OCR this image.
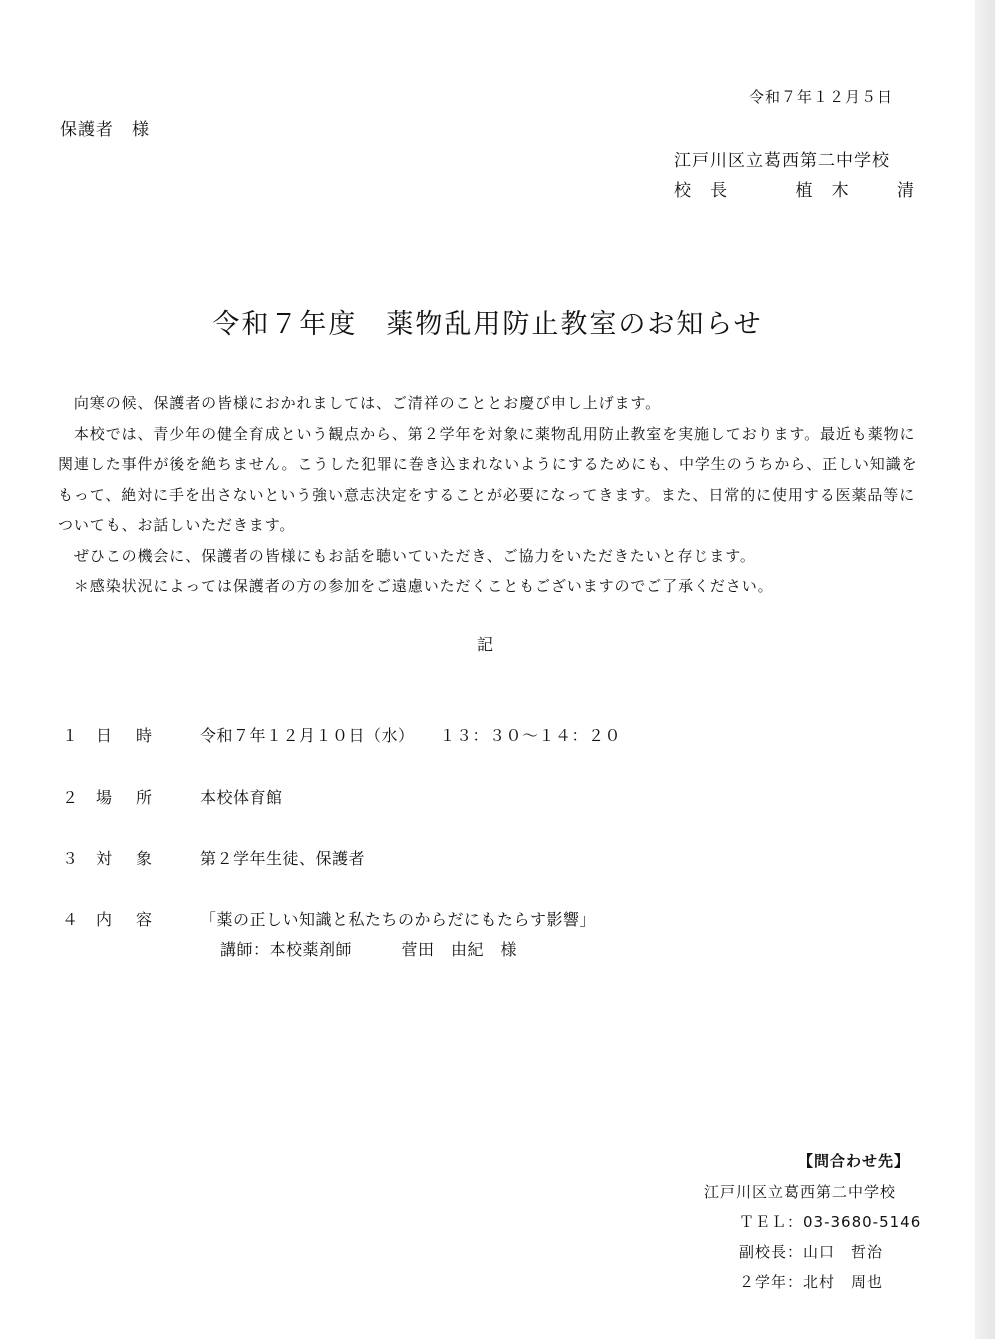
令和７年１２月５日
保護者　様
江戸川区立葛西第二中学校
校 長	植 木	清
令和７年度　薬物乱用防止教室のお知らせ

　向寒の候、保護者の皆様におかれましては、ご清祥のこととお慶び申し上げます。

　本校では、青少年の健全育成という観点から、第２学年を対象に薬物乱用防止教室を実施しております。最近も薬物に関連した事件が後を絶ちません。こうした犯罪に巻き込まれないようにするためにも、中学生のうちから、正しい知識をもって、絶対に手を出さないという強い意志決定をすることが必要になってきます。また、日常的に使用する医薬品等についても、お話しいただきます。

　ぜひこの機会に、保護者の皆様にもお話を聴いていただき、ご協力をいただきたいと存じます。

　＊感染状況によっては保護者の方の参加をご遠慮いただくこともございますのでご了承ください。

記
１ 日 時	令和７年１２月１０日（水）　　１３：３０～１４：２０
２ 場 所	本校体育館
３ 対 象	第２学年生徒、保護者
４ 内 容	「薬の正しい知識と私たちのからだにもたらす影響」
講師：本校薬剤師　　　菅田　由紀　様
【問合わせ先】
江戸川区立葛西第二中学校
ＴＥＬ：03-3680-5146
副校長：山口　哲治
２学年：北村　周也
